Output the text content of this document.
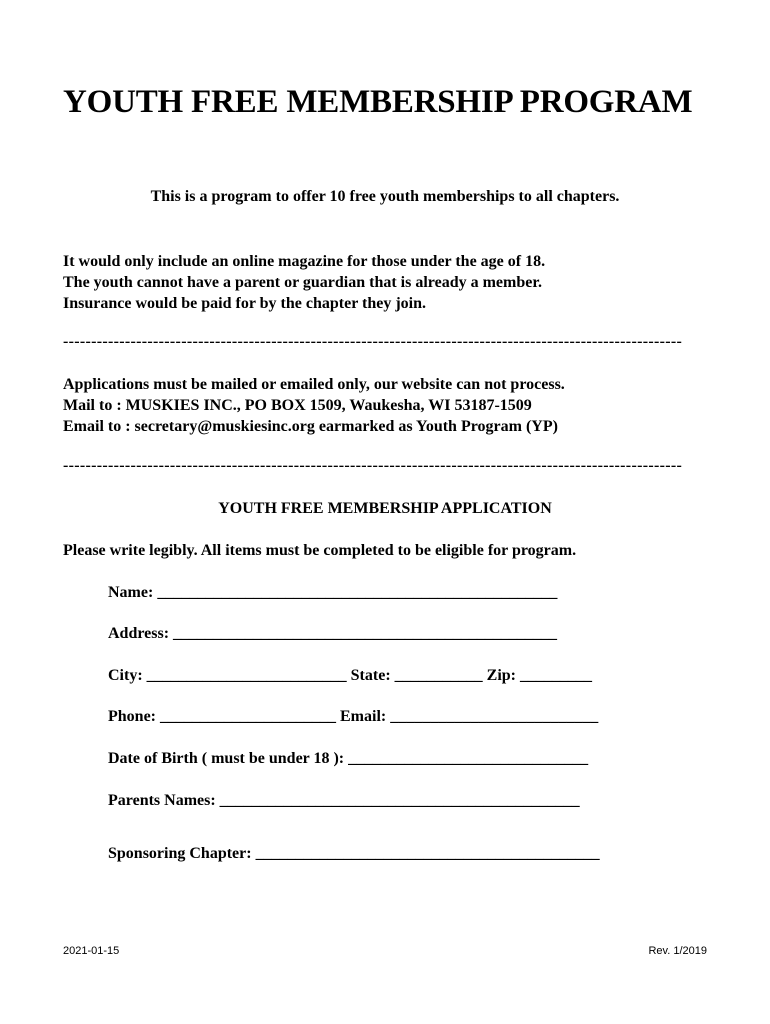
YOUTH FREE MEMBERSHIP PROGRAM
This is a program to offer 10 free youth memberships to all chapters.
It would only include an online magazine for those under the age of 18.
The youth cannot have a parent or guardian that is already a member.
Insurance would be paid for by the chapter they join.
--------------------------------------------------------------------------------------------------------------
Applications must be mailed or emailed only, our website can not process.
Mail to : MUSKIES INC., PO BOX 1509, Waukesha, WI 53187-1509
Email to : secretary@muskiesinc.org earmarked as Youth Program (YP)
--------------------------------------------------------------------------------------------------------------
YOUTH FREE MEMBERSHIP APPLICATION
Please write legibly. All items must be completed to be eligible for program.
Name: __________________________________________________
Address: ________________________________________________
City: _________________________ State: ___________ Zip: _________
Phone: ______________________ Email: __________________________
Date of Birth ( must be under 18 ): ______________________________
Parents Names: _____________________________________________
Sponsoring Chapter: ___________________________________________
2021-01-15	Rev. 1/2019
